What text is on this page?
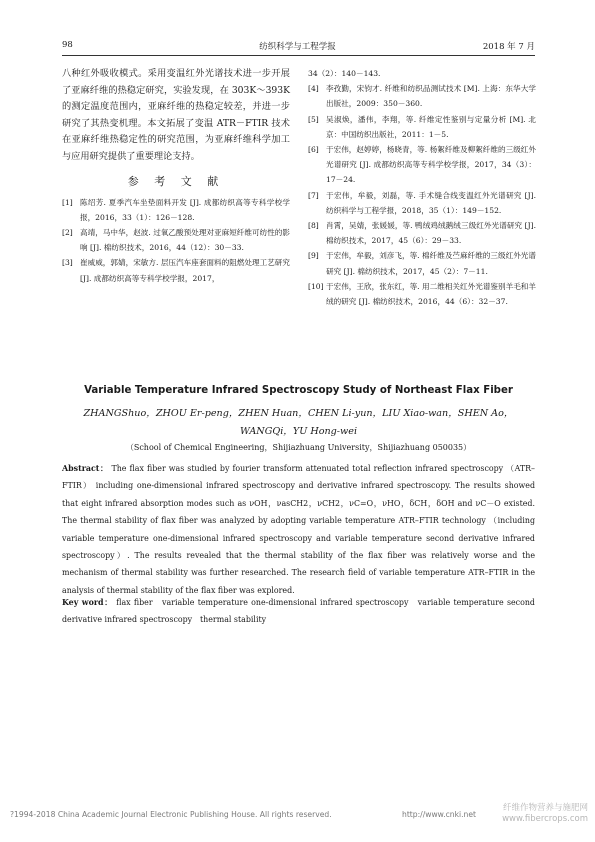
98	纺织科学与工程学报	2018 年 7 月

八种红外吸收模式。采用变温红外光谱技术进一步开展了亚麻纤维的热稳定研究，实验发现，在 303K～393K 的测定温度范围内，亚麻纤维的热稳定较差，并进一步研究了其热变机理。本文拓展了变温 ATR－FTIR 技术在亚麻纤维热稳定性的研究范围，为亚麻纤维科学加工与应用研究提供了重要理论支持。

参 考 文 献
[1] 陈绍芳. 夏季汽车坐垫面料开发 [J]. 成都纺织高等专科学校学报，2016，33（1）：126－128.
[2] 高靖，马中华，赵波. 过氧乙酸预处理对亚麻短纤维可纺性的影响 [J]. 棉纺织技术，2016，44（12）：30－33.
[3] 崔威威，郭婧，宋敏方. 层压汽车座套面料的阻燃处理工艺研究 [J]. 成都纺织高等专科学校学报，2017，
34（2）：140－143.
[4] 李孜勤，宋钧才. 纤维和纺织品测试技术 [M]. 上海：东华大学出版社，2009：350－360.
[5] 吴淑焕，潘伟，李翔，等. 纤维定性鉴别与定量分析 [M]. 北京：中国纺织出版社，2011：1－5.
[6] 于宏伟，赵婷婷，杨晓青，等. 杨絮纤维及柳絮纤维的三级红外光谱研究 [J]. 成都纺织高等专科学校学报，2017，34（3）：17－24.
[7] 于宏伟，牟毅，刘磊，等. 手术缝合线变温红外光谱研究 [J]. 纺织科学与工程学报，2018，35（1）：149－152.
[8] 肖霄，吴婧，张媛媛，等. 鸭绒鸡绒鹅绒三级红外光谱研究 [J]. 棉纺织技术，2017，45（6）：29－33.
[9] 于宏伟，牟毅，刘彦飞，等. 棉纤维及苎麻纤维的三级红外光谱研究 [J]. 棉纺织技术，2017，45（2）：7－11.
[10] 于宏伟，王欣，张东红，等. 用二维相关红外光谱鉴别羊毛和羊绒的研究 [J]. 棉纺织技术，2016，44（6）：32－37.
Variable Temperature Infrared Spectroscopy Study of Northeast Flax Fiber
ZHANGShuo，ZHOU Er-peng，ZHEN Huan，CHEN Li-yun，LIU Xiao-wan，SHEN Ao，WANGQi，YU Hong-wei
（School of Chemical Engineering，Shijiazhuang University，Shijiazhuang 050035）

Abstract： The flax fiber was studied by fourier transform attenuated total reflection infrared spectroscopy （ATR–FTIR） including one-dimensional infrared spectroscopy and derivative infrared spectroscopy. The results showed that eight infrared absorption modes such as νOH，νasCH2，νCH2，νC=O，νHO，δCH，δOH and νC－O existed. The thermal stability of flax fiber was analyzed by adopting variable temperature ATR–FTIR technology （including variable temperature one-dimensional infrared spectroscopy and variable temperature second derivative infrared spectroscopy）. The results revealed that the thermal stability of the flax fiber was relatively worse and the mechanism of thermal stability was further researched. The research field of variable temperature ATR–FTIR in the analysis of thermal stability of the flax fiber was explored.

Key word： flax fiber　variable temperature one-dimensional infrared spectroscopy　variable temperature second derivative infrared spectroscopy　thermal stability

?1994-2018 China Academic Journal Electronic Publishing House. All rights reserved.	http://www.cnki.net
纤维作物营养与施肥网
www.fibercrops.com
